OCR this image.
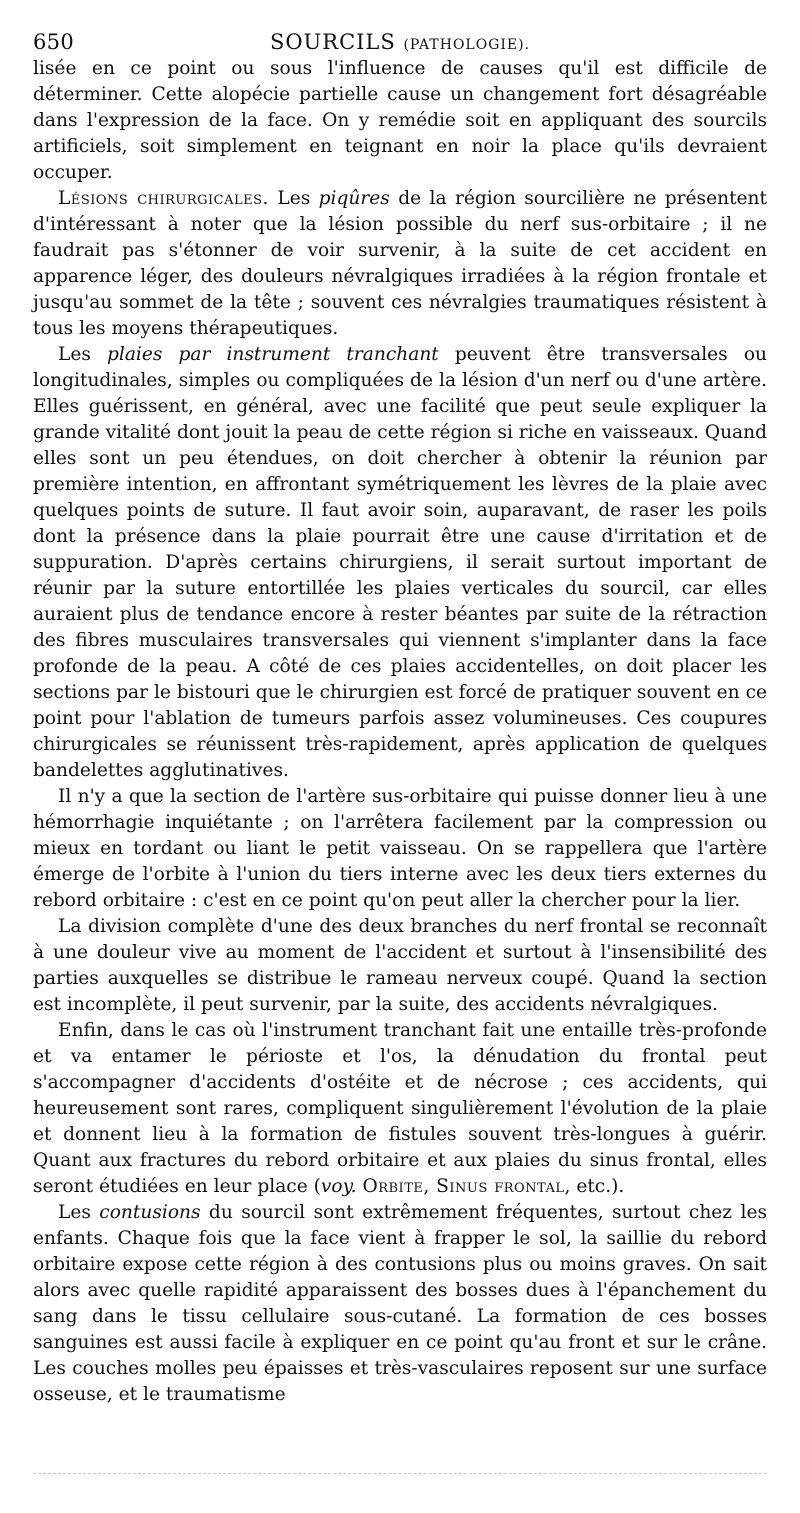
650	SOURCILS (PATHOLOGIE).

lisée en ce point ou sous l'influence de causes qu'il est difficile de déterminer. Cette alopécie partielle cause un changement fort désagréable dans l'expression de la face. On y remédie soit en appliquant des sourcils artificiels, soit simplement en teignant en noir la place qu'ils devraient occuper.

Lésions chirurgicales. Les piqûres de la région sourcilière ne présentent d'intéressant à noter que la lésion possible du nerf sus-orbitaire ; il ne faudrait pas s'étonner de voir survenir, à la suite de cet accident en apparence léger, des douleurs névralgiques irradiées à la région frontale et jusqu'au sommet de la tête ; souvent ces névralgies traumatiques résistent à tous les moyens thérapeutiques.

Les plaies par instrument tranchant peuvent être transversales ou longitudinales, simples ou compliquées de la lésion d'un nerf ou d'une artère. Elles guérissent, en général, avec une facilité que peut seule expliquer la grande vitalité dont jouit la peau de cette région si riche en vaisseaux. Quand elles sont un peu étendues, on doit chercher à obtenir la réunion par première intention, en affrontant symétriquement les lèvres de la plaie avec quelques points de suture. Il faut avoir soin, auparavant, de raser les poils dont la présence dans la plaie pourrait être une cause d'irritation et de suppuration. D'après certains chirurgiens, il serait surtout important de réunir par la suture entortillée les plaies verticales du sourcil, car elles auraient plus de tendance encore à rester béantes par suite de la rétraction des fibres musculaires transversales qui viennent s'implanter dans la face profonde de la peau. A côté de ces plaies accidentelles, on doit placer les sections par le bistouri que le chirurgien est forcé de pratiquer souvent en ce point pour l'ablation de tumeurs parfois assez volumineuses. Ces coupures chirurgicales se réunissent très-rapidement, après application de quelques bandelettes agglutinatives.

Il n'y a que la section de l'artère sus-orbitaire qui puisse donner lieu à une hémorrhagie inquiétante ; on l'arrêtera facilement par la compression ou mieux en tordant ou liant le petit vaisseau. On se rappellera que l'artère émerge de l'orbite à l'union du tiers interne avec les deux tiers externes du rebord orbitaire : c'est en ce point qu'on peut aller la chercher pour la lier.

La division complète d'une des deux branches du nerf frontal se reconnaît à une douleur vive au moment de l'accident et surtout à l'insensibilité des parties auxquelles se distribue le rameau nerveux coupé. Quand la section est incomplète, il peut survenir, par la suite, des accidents névralgiques.

Enfin, dans le cas où l'instrument tranchant fait une entaille très-profonde et va entamer le périoste et l'os, la dénudation du frontal peut s'accompagner d'accidents d'ostéite et de nécrose ; ces accidents, qui heureusement sont rares, compliquent singulièrement l'évolution de la plaie et donnent lieu à la formation de fistules souvent très-longues à guérir. Quant aux fractures du rebord orbitaire et aux plaies du sinus frontal, elles seront étudiées en leur place (voy. Orbite, Sinus frontal, etc.).

Les contusions du sourcil sont extrêmement fréquentes, surtout chez les enfants. Chaque fois que la face vient à frapper le sol, la saillie du rebord orbitaire expose cette région à des contusions plus ou moins graves. On sait alors avec quelle rapidité apparaissent des bosses dues à l'épanchement du sang dans le tissu cellulaire sous-cutané. La formation de ces bosses sanguines est aussi facile à expliquer en ce point qu'au front et sur le crâne. Les couches molles peu épaisses et très-vasculaires reposent sur une surface osseuse, et le traumatisme
